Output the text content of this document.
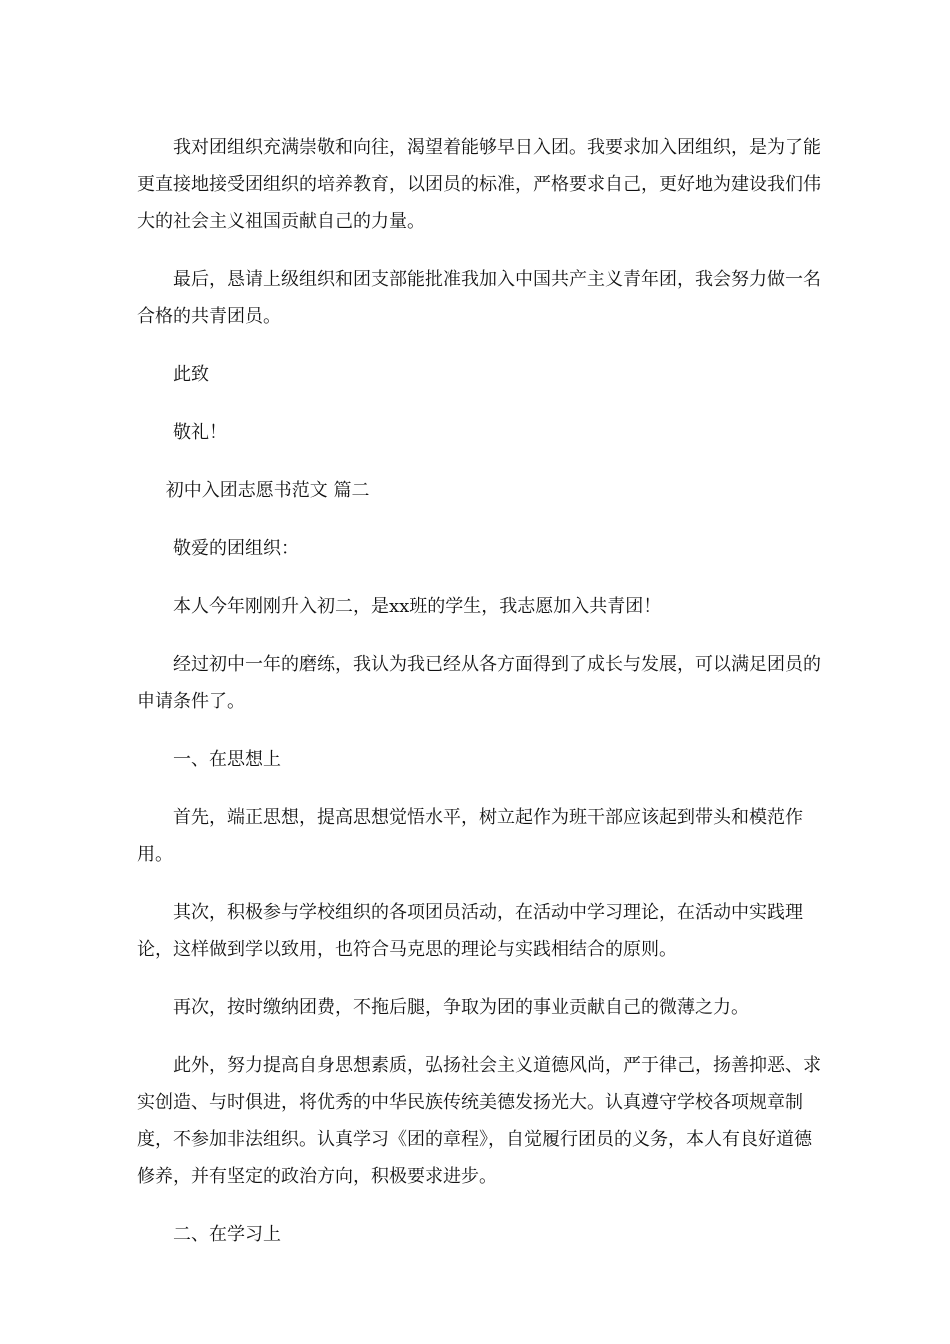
我对团组织充满崇敬和向往，渴望着能够早日入团。我要求加入团组织，是为了能更直接地接受团组织的培养教育，以团员的标准，严格要求自己，更好地为建设我们伟大的社会主义祖国贡献自己的力量。

最后，恳请上级组织和团支部能批准我加入中国共产主义青年团，我会努力做一名合格的共青团员。

此致

敬礼！

初中入团志愿书范文 篇二

敬爱的团组织：

本人今年刚刚升入初二，是xx班的学生，我志愿加入共青团！

经过初中一年的磨练，我认为我已经从各方面得到了成长与发展，可以满足团员的申请条件了。

一、在思想上

首先，端正思想，提高思想觉悟水平，树立起作为班干部应该起到带头和模范作用。

其次，积极参与学校组织的各项团员活动，在活动中学习理论，在活动中实践理论，这样做到学以致用，也符合马克思的理论与实践相结合的原则。

再次，按时缴纳团费，不拖后腿，争取为团的事业贡献自己的微薄之力。

此外，努力提高自身思想素质，弘扬社会主义道德风尚，严于律己，扬善抑恶、求实创造、与时俱进，将优秀的中华民族传统美德发扬光大。认真遵守学校各项规章制度，不参加非法组织。认真学习《团的章程》，自觉履行团员的义务，本人有良好道德修养，并有坚定的政治方向，积极要求进步。

二、在学习上
